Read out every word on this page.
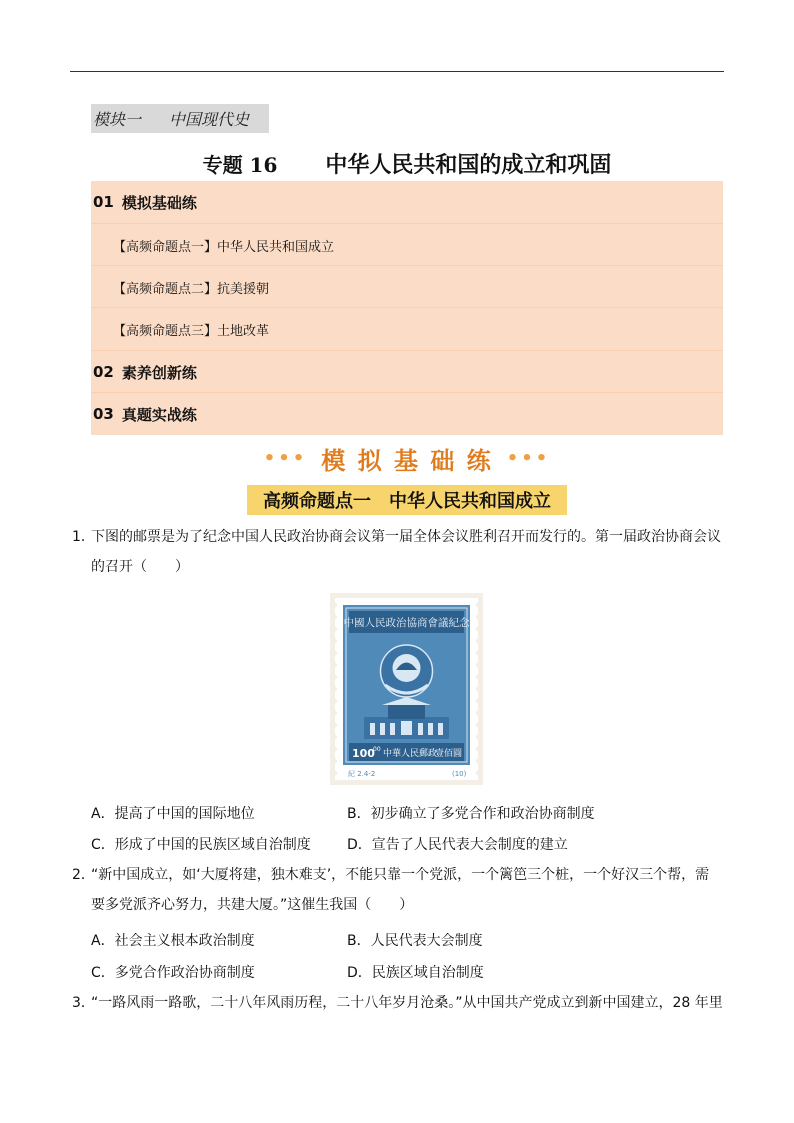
模块一 中国现代史
专题 16 中华人民共和国的成立和巩固
01 模拟基础练
【高频命题点一】中华人民共和国成立
【高频命题点二】抗美援朝
【高频命题点三】土地改革
02 素养创新练
03 真题实战练
••• 模 拟 基 础 练 •••
高频命题点一 中华人民共和国成立
1．
下图的邮票是为了纪念中国人民政治协商会议第一届全体会议胜利召开而发行的。第一届政治协商会议的召开（　　）
中國人民政治協商會議紀念
100
00 中華人民郵政
壹佰圓
紀 2.4-2	(10)
A．提高了中国的国际地位	B．初步确立了多党合作和政治协商制度
C．形成了中国的民族区域自治制度	D．宣告了人民代表大会制度的建立
2．
“新中国成立，如‘大厦将建，独木难支’，不能只靠一个党派，一个篱笆三个桩，一个好汉三个帮，需要多党派齐心努力，共建大厦。”这催生我国（　　）
A．社会主义根本政治制度	B．人民代表大会制度
C．多党合作政治协商制度	D．民族区域自治制度
3．
“一路风雨一路歌，二十八年风雨历程，二十八年岁月沧桑。”从中国共产党成立到新中国建立，28 年里
